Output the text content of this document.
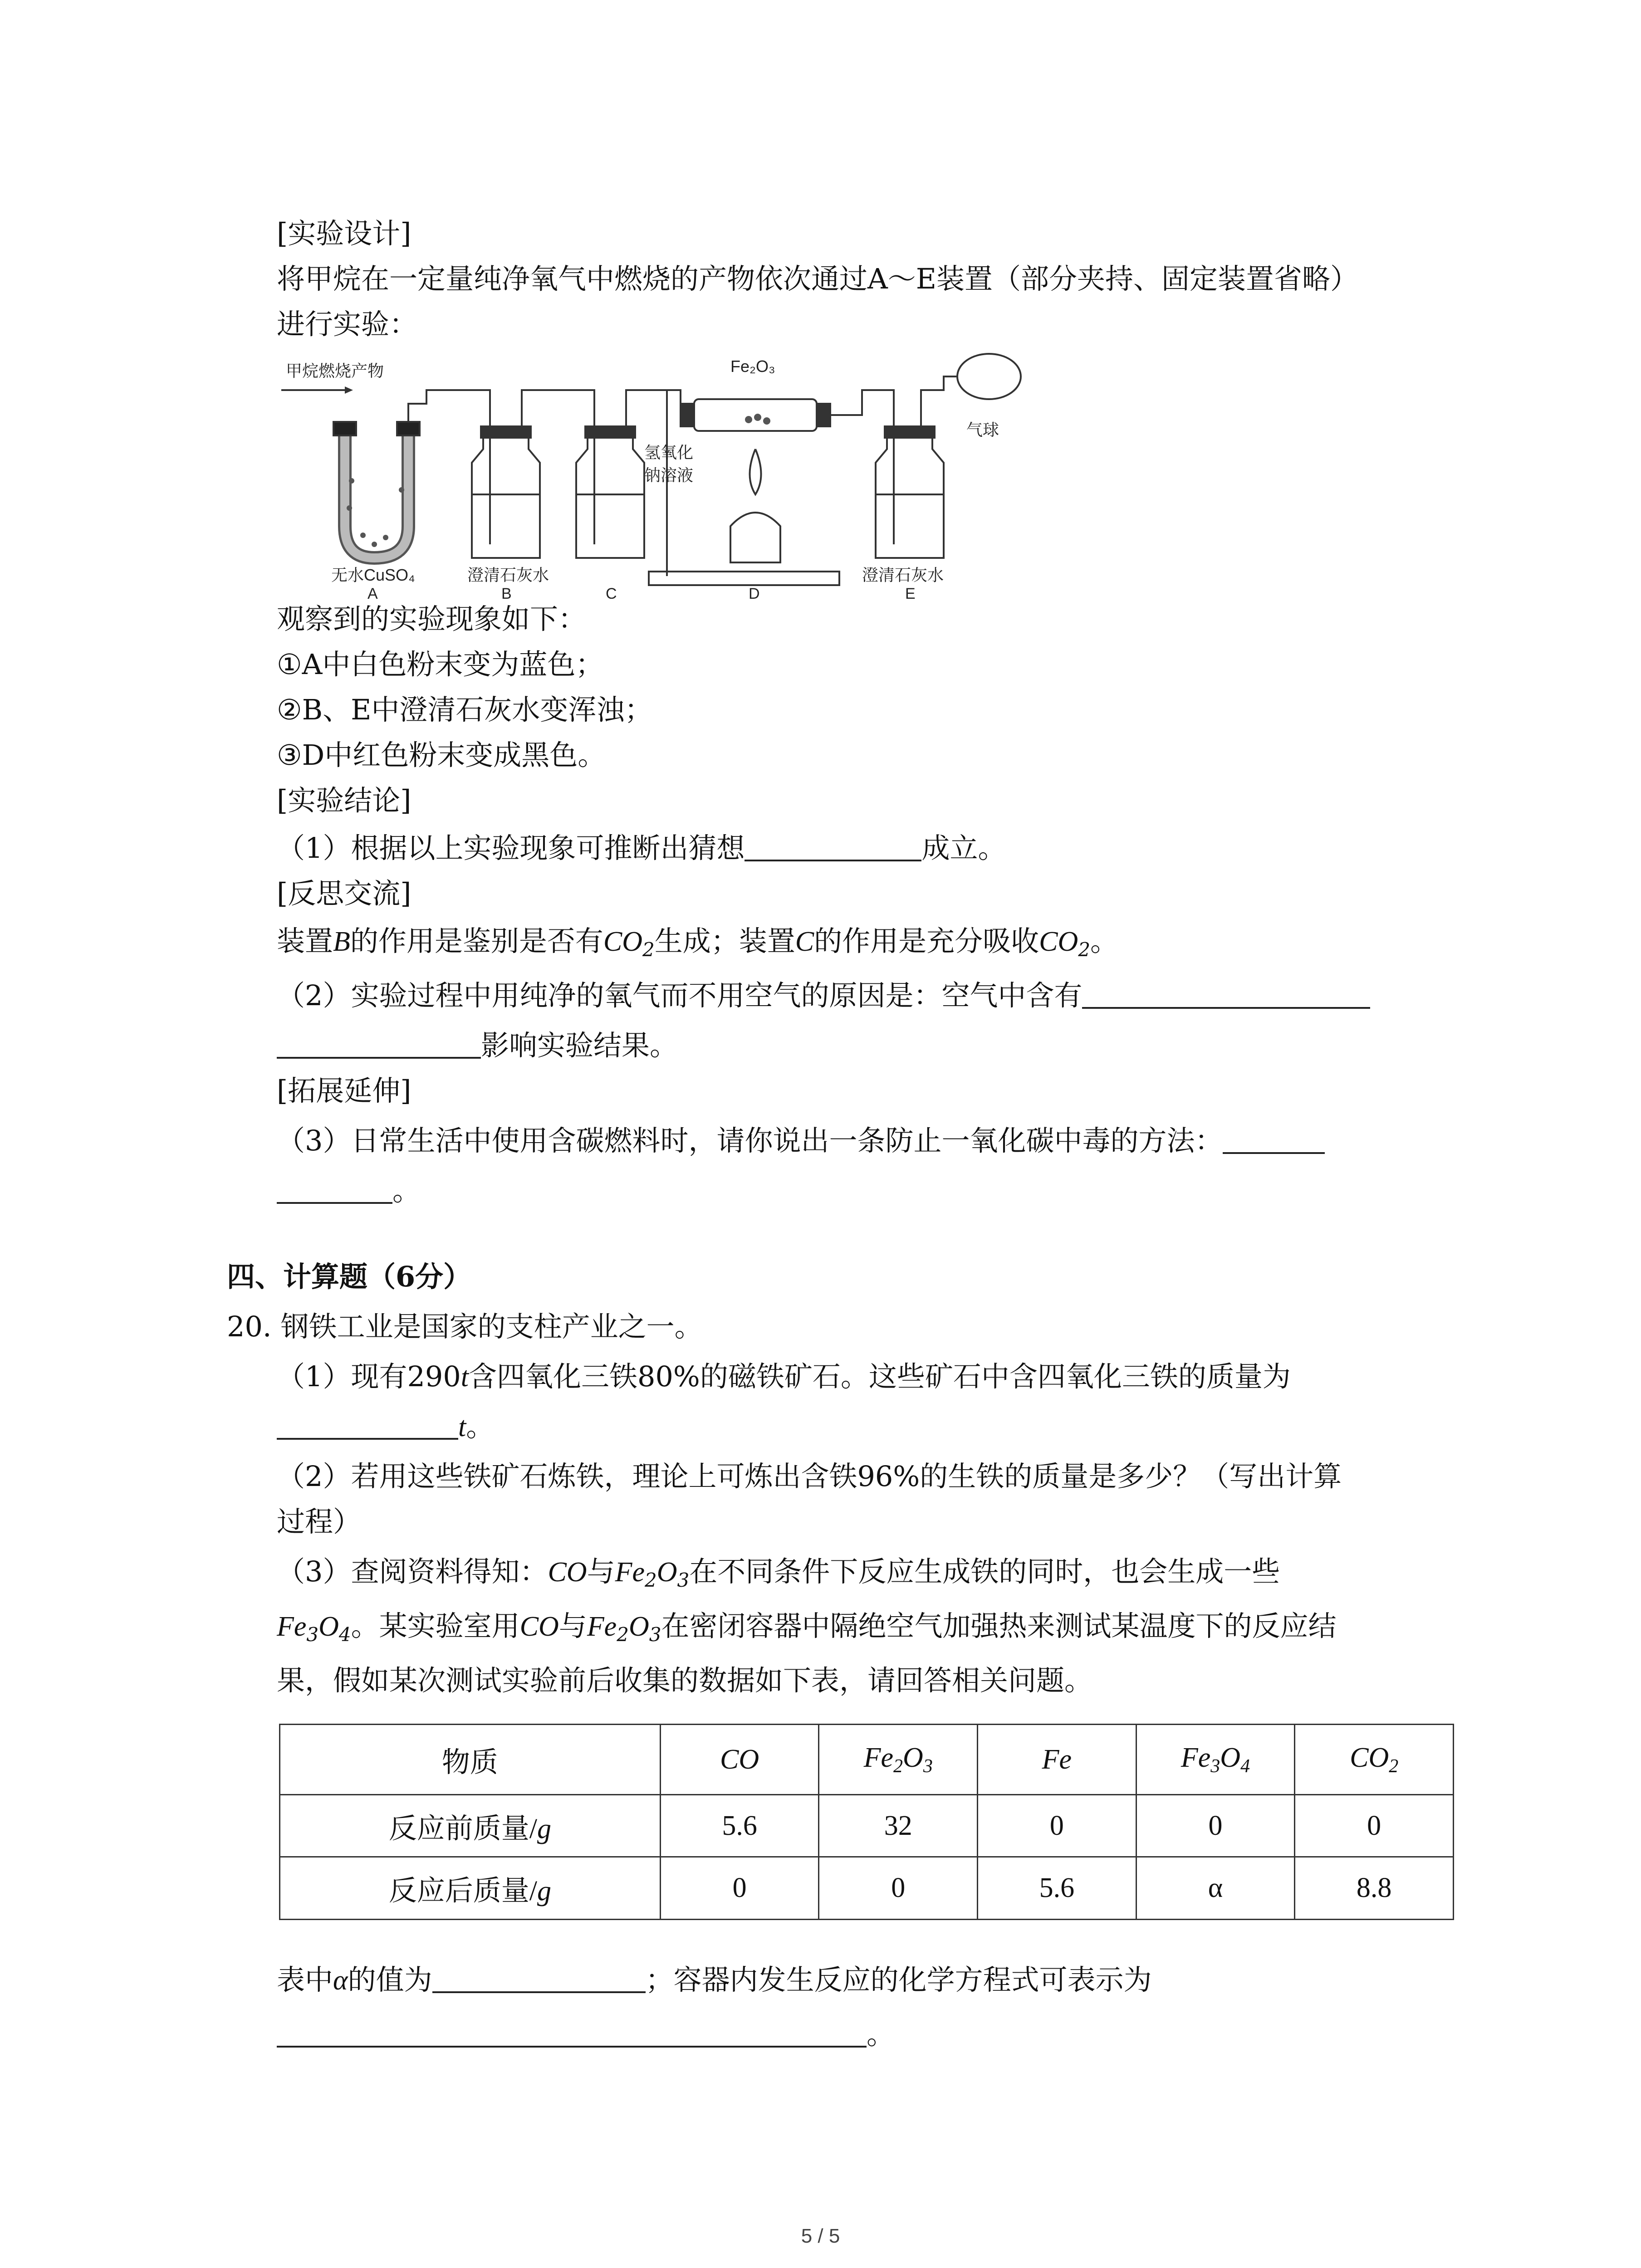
[实验设计]
将甲烷在一定量纯净氧气中燃烧的产物依次通过A～E装置（部分夹持、固定装置省略）
进行实验：
甲烷燃烧产物	Fe₂O₃
氢氧化
钠溶液
气球
无水CuSO₄	澄清石灰水	澄清石灰水
A	B	C	D	E
观察到的实验现象如下：
①A中白色粉末变为蓝色；
②B、E中澄清石灰水变浑浊；
③D中红色粉末变成黑色。
[实验结论]
（1）根据以上实验现象可推断出猜想	成立。
[反思交流]
装置B的作用是鉴别是否有$CO_2$生成；装置C的作用是充分吸收$CO_2$。
（2）实验过程中用纯净的氧气而不用空气的原因是：空气中含有
影响实验结果。
[拓展延伸]
（3）日常生活中使用含碳燃料时，请你说出一条防止一氧化碳中毒的方法：
。
四、计算题（6分）
20. 钢铁工业是国家的支柱产业之一。
（1）现有290t含四氧化三铁80%的磁铁矿石。这些矿石中含四氧化三铁的质量为
t。
（2）若用这些铁矿石炼铁，理论上可炼出含铁96%的生铁的质量是多少？（写出计算
过程）
（3）查阅资料得知：CO与$Fe_2O_3$在不同条件下反应生成铁的同时，也会生成一些
$Fe_3O_4$。某实验室用CO与$Fe_2O_3$在密闭容器中隔绝空气加强热来测试某温度下的反应结
果，假如某次测试实验前后收集的数据如下表，请回答相关问题。
物质	CO	$Fe_2O_3$	Fe	$Fe_3O_4$	$CO_2$
反应前质量/g	5.6	32	0	0	0
反应后质量/g	0	0	5.6	α	8.8
表中α的值为	；容器内发生反应的化学方程式可表示为
。
5 / 5
